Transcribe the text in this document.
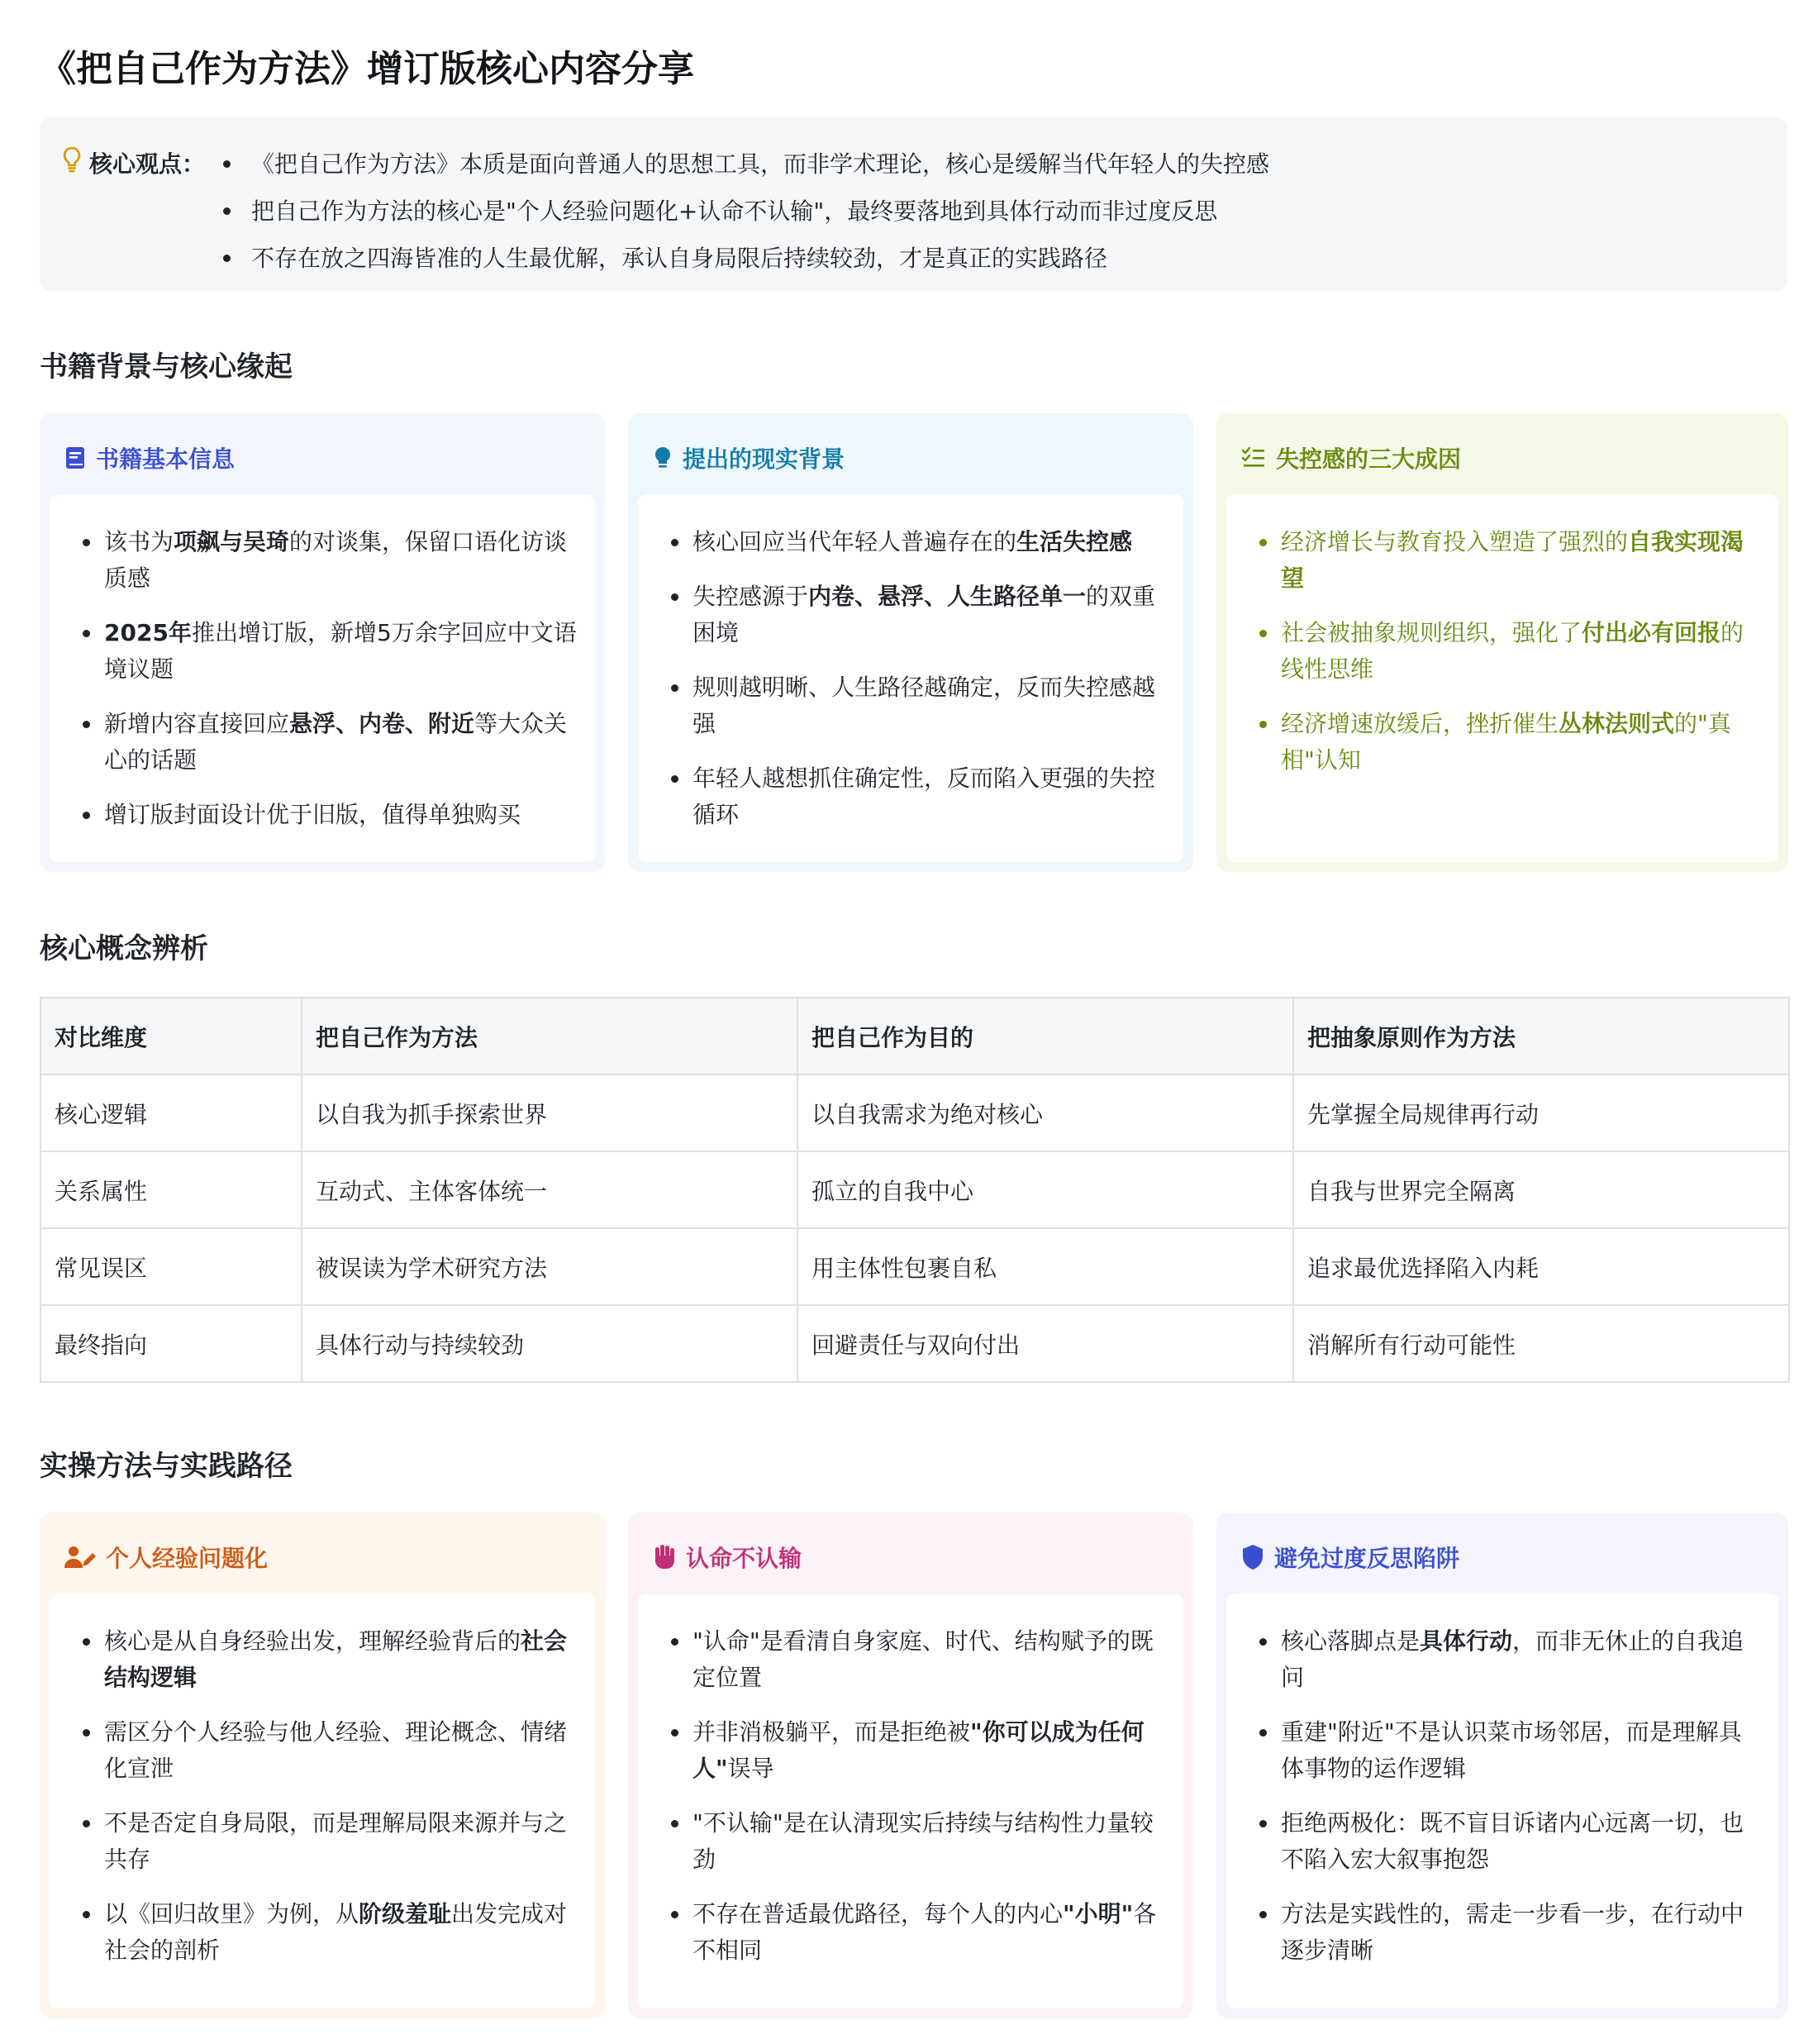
《把自己作为方法》增订版核心内容分享
核心观点：	《把自己作为方法》本质是面向普通人的思想工具，而非学术理论，核心是缓解当代年轻人的失控感
把自己作为方法的核心是"个人经验问题化+认命不认输"，最终要落地到具体行动而非过度反思
不存在放之四海皆准的人生最优解，承认自身局限后持续较劲，才是真正的实践路径
书籍背景与核心缘起
书籍基本信息
该书为项飙与吴琦的对谈集，保留口语化访谈质感
2025年推出增订版，新增5万余字回应中文语境议题
新增内容直接回应悬浮、内卷、附近等大众关心的话题
增订版封面设计优于旧版，值得单独购买
提出的现实背景
核心回应当代年轻人普遍存在的生活失控感
失控感源于内卷、悬浮、人生路径单一的双重困境
规则越明晰、人生路径越确定，反而失控感越强
年轻人越想抓住确定性，反而陷入更强的失控循环
失控感的三大成因
经济增长与教育投入塑造了强烈的自我实现渴望
社会被抽象规则组织，强化了付出必有回报的线性思维
经济增速放缓后，挫折催生丛林法则式的"真相"认知
核心概念辨析
对比维度	把自己作为方法	把自己作为目的	把抽象原则作为方法
核心逻辑	以自我为抓手探索世界	以自我需求为绝对核心	先掌握全局规律再行动
关系属性	互动式、主体客体统一	孤立的自我中心	自我与世界完全隔离
常见误区	被误读为学术研究方法	用主体性包裹自私	追求最优选择陷入内耗
最终指向	具体行动与持续较劲	回避责任与双向付出	消解所有行动可能性
实操方法与实践路径
个人经验问题化
核心是从自身经验出发，理解经验背后的社会结构逻辑
需区分个人经验与他人经验、理论概念、情绪化宣泄
不是否定自身局限，而是理解局限来源并与之共存
以《回归故里》为例，从阶级羞耻出发完成对社会的剖析
认命不认输
"认命"是看清自身家庭、时代、结构赋予的既定位置
并非消极躺平，而是拒绝被"你可以成为任何人"误导
"不认输"是在认清现实后持续与结构性力量较劲
不存在普适最优路径，每个人的内心"小明"各不相同
避免过度反思陷阱
核心落脚点是具体行动，而非无休止的自我追问
重建"附近"不是认识菜市场邻居，而是理解具体事物的运作逻辑
拒绝两极化：既不盲目诉诸内心远离一切，也不陷入宏大叙事抱怨
方法是实践性的，需走一步看一步，在行动中逐步清晰
